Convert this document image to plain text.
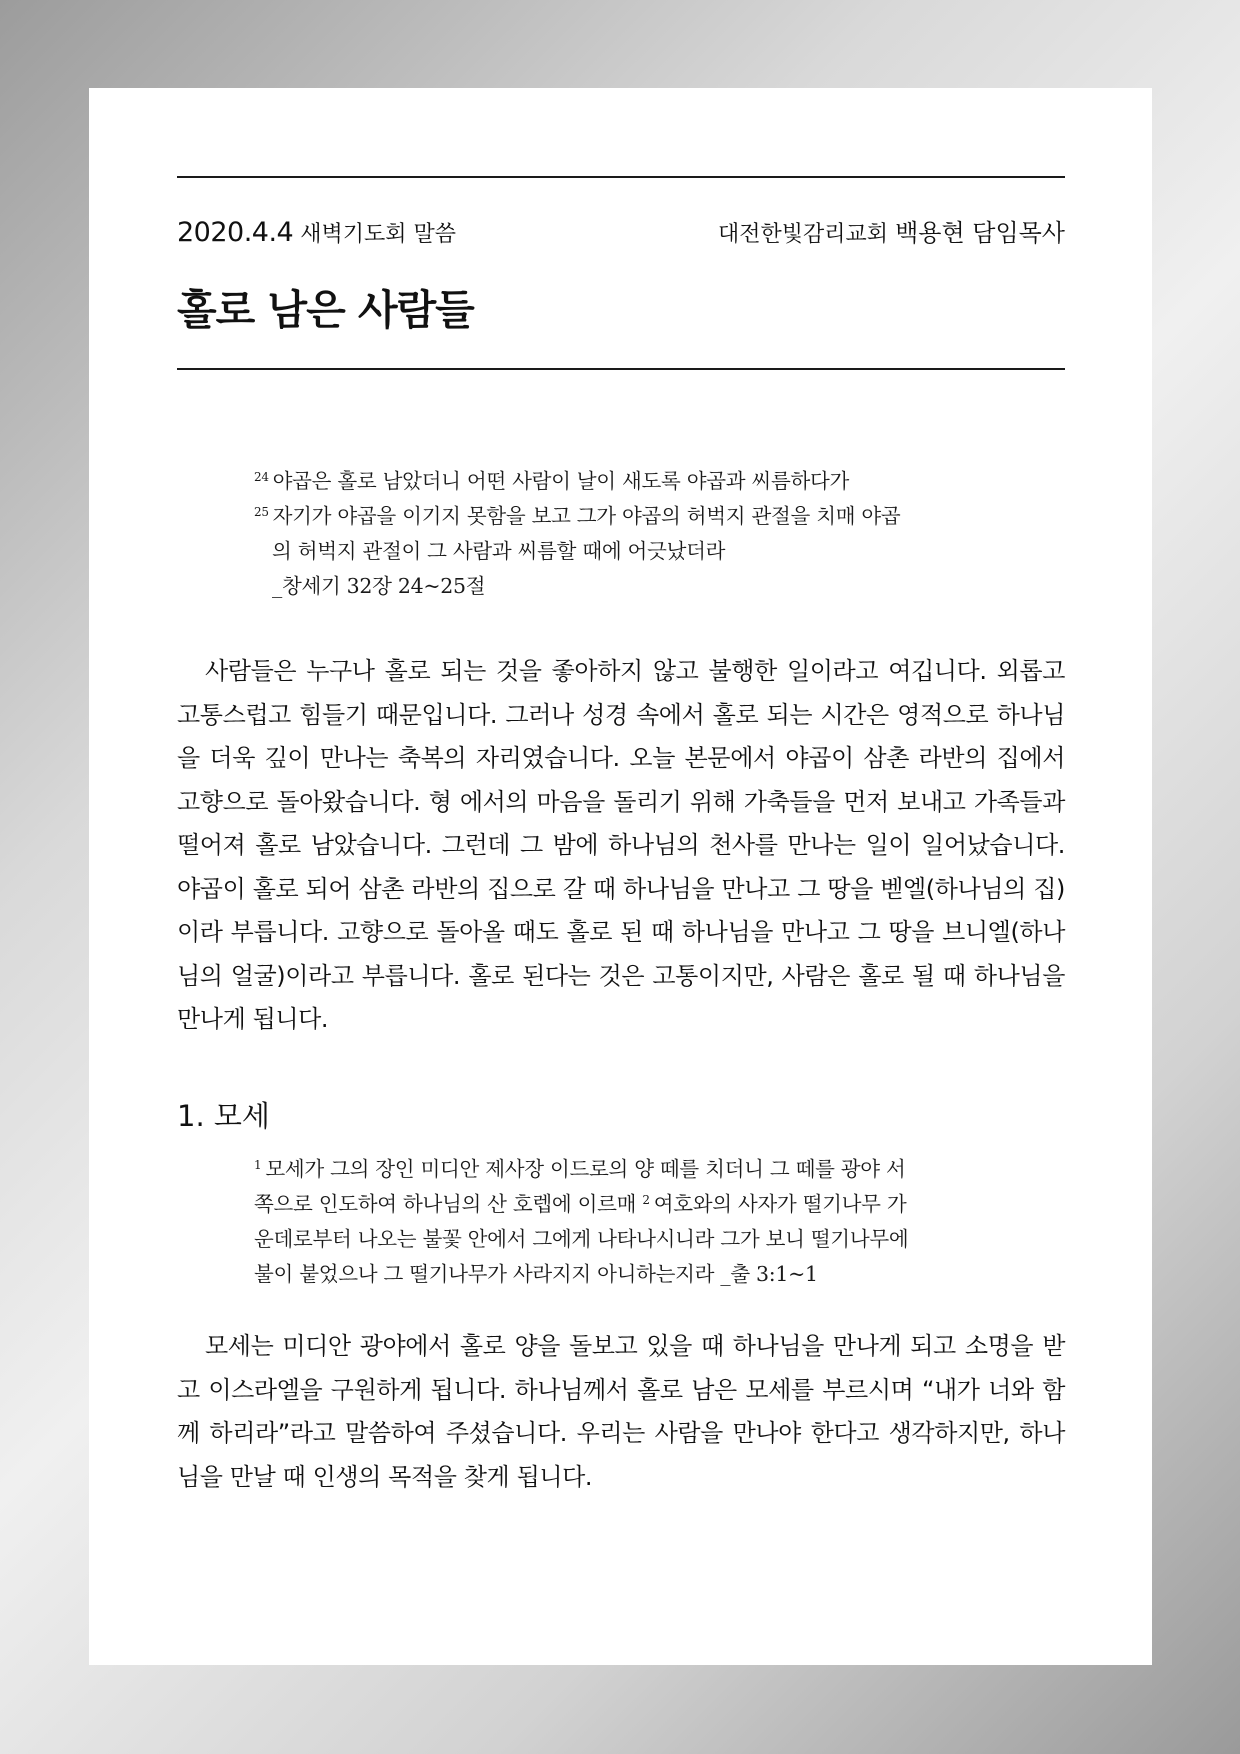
2020.4.4 새벽기도회 말씀	대전한빛감리교회 백용현 담임목사
홀로 남은 사람들
$^{24}$ 야곱은 홀로 남았더니 어떤 사람이 날이 새도록 야곱과 씨름하다가
$^{25}$ 자기가 야곱을 이기지 못함을 보고 그가 야곱의 허벅지 관절을 치매 야곱
의 허벅지 관절이 그 사람과 씨름할 때에 어긋났더라
_창세기 32장 24~25절
사람들은 누구나 홀로 되는 것을 좋아하지 않고 불행한 일이라고 여깁니다. 외롭고 고통스럽고 힘들기 때문입니다. 그러나 성경 속에서 홀로 되는 시간은 영적으로 하나님을 더욱 깊이 만나는 축복의 자리였습니다. 오늘 본문에서 야곱이 삼촌 라반의 집에서 고향으로 돌아왔습니다. 형 에서의 마음을 돌리기 위해 가축들을 먼저 보내고 가족들과 떨어져 홀로 남았습니다. 그런데 그 밤에 하나님의 천사를 만나는 일이 일어났습니다. 야곱이 홀로 되어 삼촌 라반의 집으로 갈 때 하나님을 만나고 그 땅을 벧엘(하나님의 집)이라 부릅니다. 고향으로 돌아올 때도 홀로 된 때 하나님을 만나고 그 땅을 브니엘(하나님의 얼굴)이라고 부릅니다. 홀로 된다는 것은 고통이지만, 사람은 홀로 될 때 하나님을 만나게 됩니다.
1. 모세
$^1$ 모세가 그의 장인 미디안 제사장 이드로의 양 떼를 치더니 그 떼를 광야 서
쪽으로 인도하여 하나님의 산 호렙에 이르매 $^2$ 여호와의 사자가 떨기나무 가
운데로부터 나오는 불꽃 안에서 그에게 나타나시니라 그가 보니 떨기나무에
불이 붙었으나 그 떨기나무가 사라지지 아니하는지라 _출 3:1~1
모세는 미디안 광야에서 홀로 양을 돌보고 있을 때 하나님을 만나게 되고 소명을 받고 이스라엘을 구원하게 됩니다. 하나님께서 홀로 남은 모세를 부르시며 “내가 너와 함께 하리라”라고 말씀하여 주셨습니다. 우리는 사람을 만나야 한다고 생각하지만, 하나님을 만날 때 인생의 목적을 찾게 됩니다.
